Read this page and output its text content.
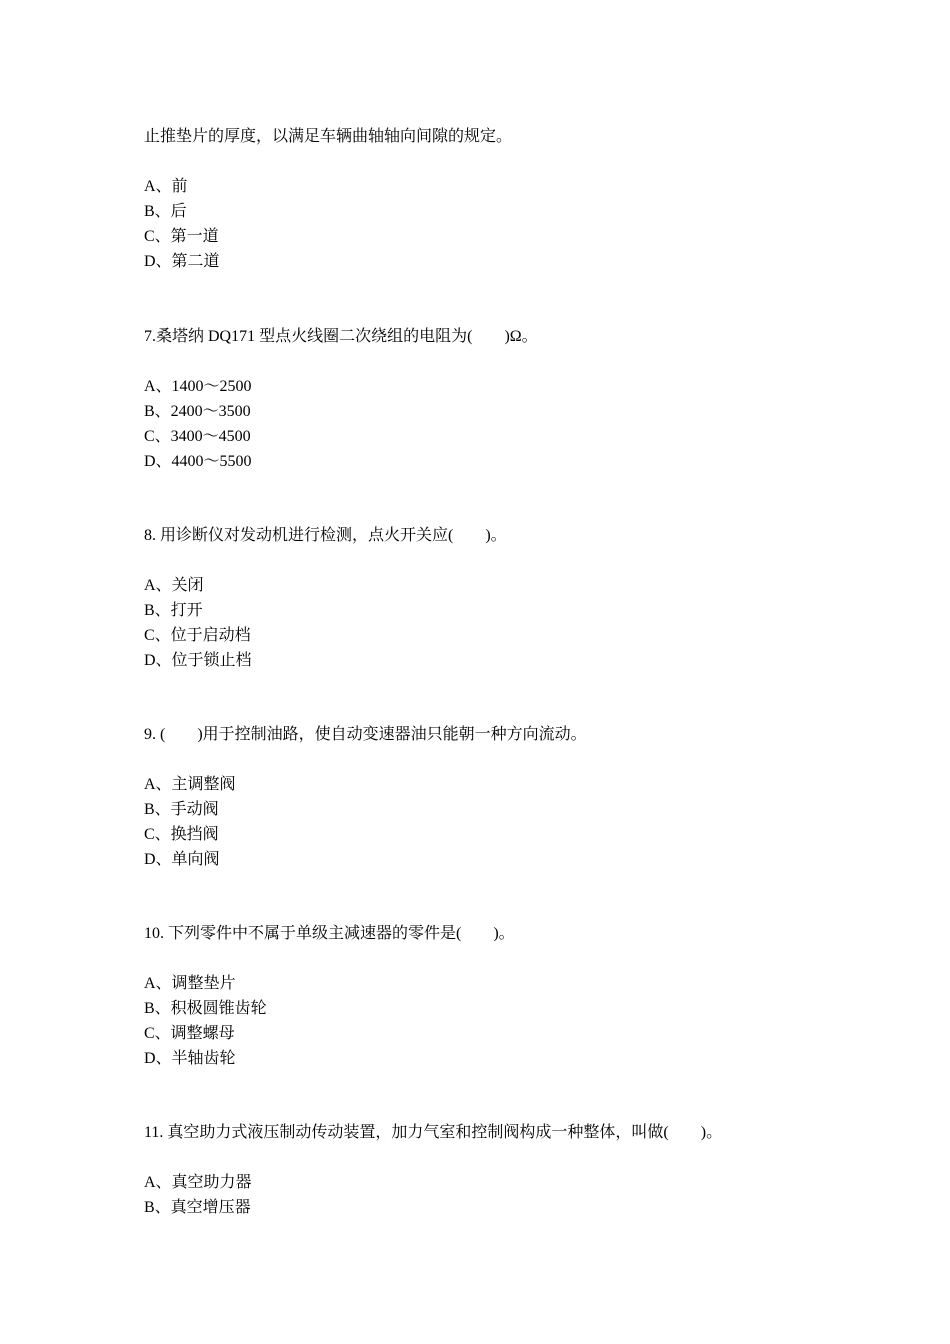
止推垫片的厚度，以满足车辆曲轴轴向间隙的规定。
A、前
B、后
C、第一道
D、第二道
7.桑塔纳 DQ171 型点火线圈二次绕组的电阻为(　　)Ω。
A、1400～2500
B、2400～3500
C、3400～4500
D、4400～5500
8. 用诊断仪对发动机进行检测，点火开关应(　　)。
A、关闭
B、打开
C、位于启动档
D、位于锁止档
9. (　　)用于控制油路，使自动变速器油只能朝一种方向流动。
A、主调整阀
B、手动阀
C、换挡阀
D、单向阀
10. 下列零件中不属于单级主减速器的零件是(　　)。
A、调整垫片
B、积极圆锥齿轮
C、调整螺母
D、半轴齿轮
11. 真空助力式液压制动传动装置，加力气室和控制阀构成一种整体，叫做(　　)。
A、真空助力器
B、真空增压器
